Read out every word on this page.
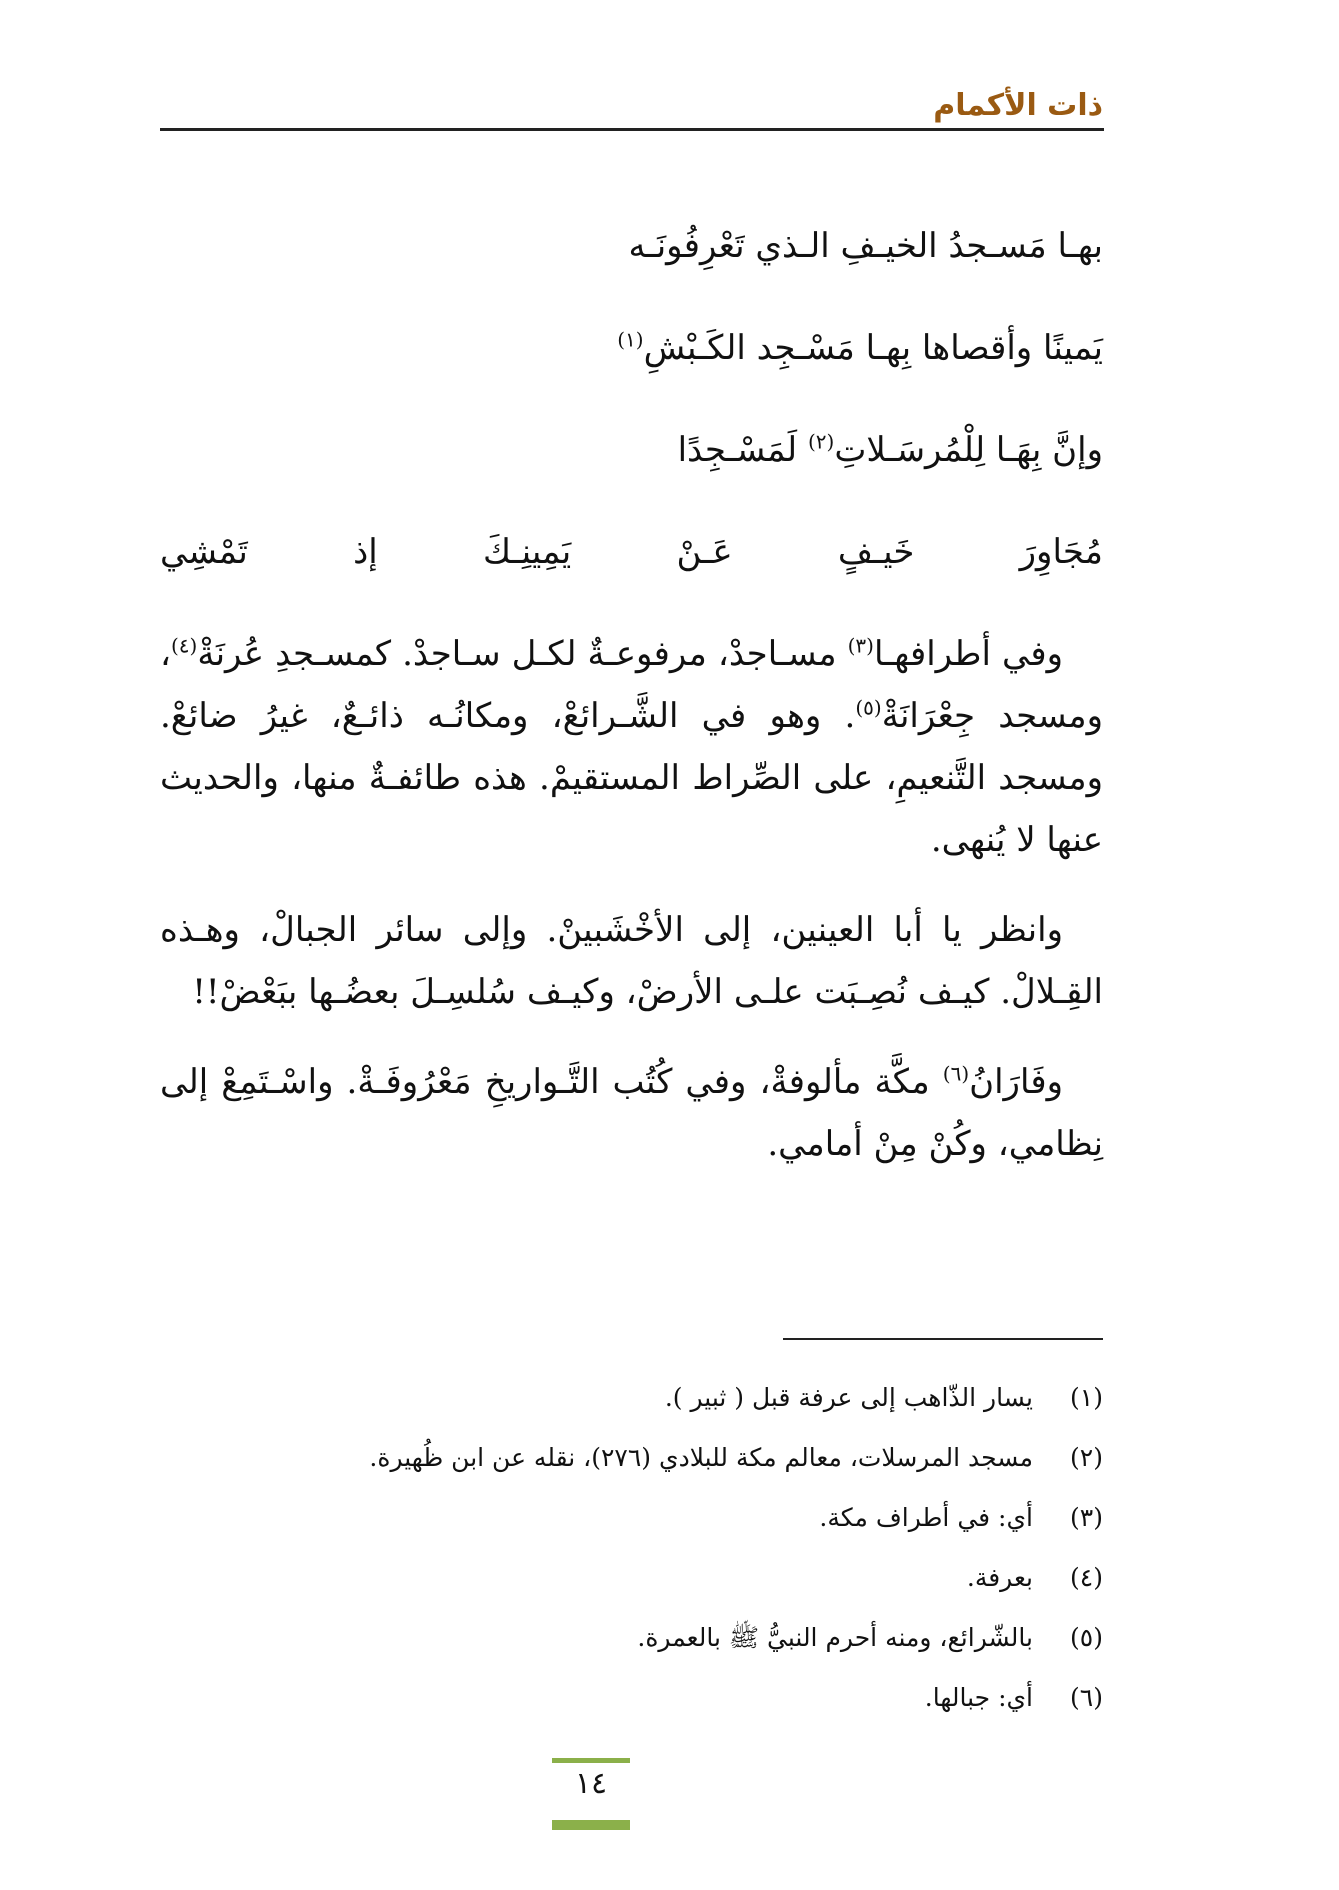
ذات الأكمام

بهـا مَسـجدُ الخيـفِ الـذي تَعْرِفُونَـه

يَمينًا وأقصاها بِهـا مَسْـجِد الكَـبْشِ$^{(١)}$

وإنَّ بِهَـا لِلْمُرسَـلاتِ$^{(٢)}$ لَمَسْـجِدًا

مُجَاوِرَ خَيـفٍ عَـنْ يَمِينِـكَ إذ تَمْشِي

وفي أطرافهـا$^{(٣)}$ مسـاجدْ، مرفوعـةٌ لكـل سـاجدْ. كمسـجدِ عُرنَةْ$^{(٤)}$، ومسجد جِعْرَانَةْ$^{(٥)}$. وهو في الشَّـرائعْ، ومكانُـه ذائـعٌ، غيرُ ضائعْ. ومسجد التَّنعيمِ، على الصِّراط المستقيمْ. هذه طائفـةٌ منها، والحديث عنها لا يُنهى.

وانظر يا أبا العينين، إلى الأخْشَبينْ. وإلى سائر الجبالْ، وهـذه القِـلالْ. كيـف نُصِـبَت علـى الأرضْ، وكيـف سُلسِـلَ بعضُـها ببَعْضْ!!

وفَارَانُ$^{(٦)}$ مكَّة مألوفةْ، وفي كُتُب التَّـواريخِ مَعْرُوفَـةْ. واسْـتَمِعْ إلى نِظامي، وكُنْ مِنْ أمامي.

(١)يسار الذّاهب إلى عرفة قبل ( ثبير ).
(٢)مسجد المرسلات، معالم مكة للبلادي (٢٧٦)، نقله عن ابن ظُهيرة.
(٣)أي: في أطراف مكة.
(٤)بعرفة.
(٥)بالشّرائع، ومنه أحرم النبيُّ ﷺ بالعمرة.
(٦)أي: جبالها.
١٤
